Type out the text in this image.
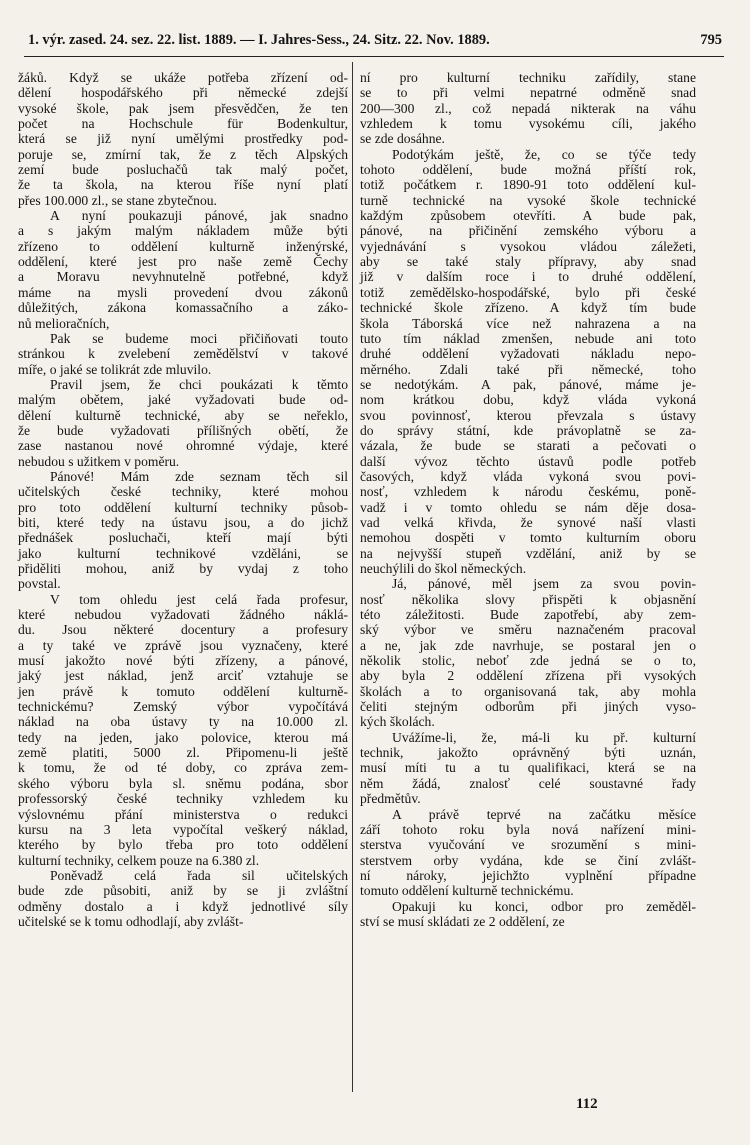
1. výr. zased. 24. sez. 22. list. 1889. — I. Jahres-Sess., 24. Sitz. 22. Nov. 1889.	795
žáků. Když se ukáže potřeba zřízení od-
dělení hospodářského při německé zdejší
vysoké škole, pak jsem přesvědčen, že ten
počet na Hochschule für Bodenkultur,
která se již nyní umělými prostředky pod-
poruje se, zmírní tak, že z těch Alpských
zemí bude posluchačů tak malý počet,
že ta škola, na kterou říše nyní platí
přes 100.000 zl., se stane zbytečnou.
A nyní poukazuji pánové, jak snadno
a s jakým malým nákladem může býti
zřízeno to oddělení kulturně inženýrské,
oddělení, které jest pro naše země Čechy
a Moravu nevyhnutelně potřebné, když
máme na mysli provedení dvou zákonů
důležitých, zákona komassačního a záko-
nů melioračních,
Pak se budeme moci přičiňovati touto
stránkou k zvelebení zemědělství v takové
míře, o jaké se tolikrát zde mluvilo.
Pravil jsem, že chci poukázati k těmto
malým obětem, jaké vyžadovati bude od-
dělení kulturně technické, aby se neřeklo,
že bude vyžadovati přílišných obětí, že
zase nastanou nové ohromné výdaje, které
nebudou s užitkem v poměru.
Pánové! Mám zde seznam těch sil
učitelských české techniky, které mohou
pro toto oddělení kulturní techniky působ-
biti, které tedy na ústavu jsou, a do jichž
přednášek posluchači, kteří mají býti
jako kulturní technikové vzděláni, se
přiděliti mohou, aniž by vydaj z toho
povstal.
V tom ohledu jest celá řada profesur,
které nebudou vyžadovati žádného náklá-
du. Jsou některé docentury a profesury
a ty také ve zprávě jsou vyznačeny, které
musí jakožto nové býti zřízeny, a pánové,
jaký jest náklad, jenž arciť vztahuje se
jen právě k tomuto oddělení kulturně-
technickému? Zemský výbor vypočítává
náklad na oba ústavy ty na 10.000 zl.
tedy na jeden, jako polovice, kterou má
země platiti, 5000 zl. Připomenu-li ještě
k tomu, že od té doby, co zpráva zem-
ského výboru byla sl. sněmu podána, sbor
professorský české techniky vzhledem ku
výslovnému přání ministerstva o redukci
kursu na 3 leta vypočítal veškerý náklad,
kterého by bylo třeba pro toto oddělení
kulturní techniky, celkem pouze na 6.380 zl.
Poněvadž celá řada sil učitelských
bude zde působiti, aniž by se ji zvláštní
odměny dostalo a i když jednotlivé síly
učitelské se k tomu odhodlají, aby zvlášt-
ní pro kulturní techniku zařídily, stane
se to při velmi nepatrné odměně snad
200—300 zl., což nepadá nikterak na váhu
vzhledem k tomu vysokému cíli, jakého
se zde dosáhne.
Podotýkám ještě, že, co se týče tedy
tohoto oddělení, bude možná příští rok,
totiž počátkem r. 1890-91 toto oddělení kul-
turně technické na vysoké škole technické
každým způsobem otevříti. A bude pak,
pánové, na přičinění zemského výboru a
vyjednávání s vysokou vládou záležeti,
aby se také staly přípravy, aby snad
již v dalším roce i to druhé oddělení,
totiž zemědělsko-hospodářské, bylo při české
technické škole zřízeno. A když tím bude
škola Táborská více než nahrazena a na
tuto tím náklad zmenšen, nebude ani toto
druhé oddělení vyžadovati nákladu nepo-
měrného. Zdali také při německé, toho
se nedotýkám. A pak, pánové, máme je-
nom krátkou dobu, když vláda vykoná
svou povinnosť, kterou převzala s ústavy
do správy státní, kde právoplatně se za-
vázala, že bude se starati a pečovati o
další vývoz těchto ústavů podle potřeb
časových, když vláda vykoná svou povi-
nosť, vzhledem k národu českému, poně-
vadž i v tomto ohledu se nám děje dosa-
vad velká křivda, že synové naší vlasti
nemohou dospěti v tomto kulturním oboru
na nejvyšší stupeň vzdělání, aniž by se
neuchýlili do škol německých.
Já, pánové, měl jsem za svou povin-
nosť několika slovy přispěti k objasnění
této záležitosti. Bude zapotřebí, aby zem-
ský výbor ve směru naznačeném pracoval
a ne, jak zde navrhuje, se postaral jen o
několik stolic, neboť zde jedná se o to,
aby byla 2 oddělení zřízena při vysokých
školách a to organisovaná tak, aby mohla
čeliti stejným odborům při jiných vyso-
kých školách.
Uvážíme-li, že, má-li ku př. kulturní
technik, jakožto oprávněný býti uznán,
musí míti tu a tu qualifikaci, která se na
něm žádá, znalosť celé soustavné řady
předmětův.
A právě teprvé na začátku měsíce
září tohoto roku byla nová nařízení mini-
sterstva vyučování ve srozumění s mini-
sterstvem orby vydána, kde se činí zvlášt-
ní nároky, jejichžto vyplnění případne
tomuto oddělení kulturně technickému.
Opakuji ku konci, odbor pro zeměděl-
ství se musí skládati ze 2 oddělení, ze
112
